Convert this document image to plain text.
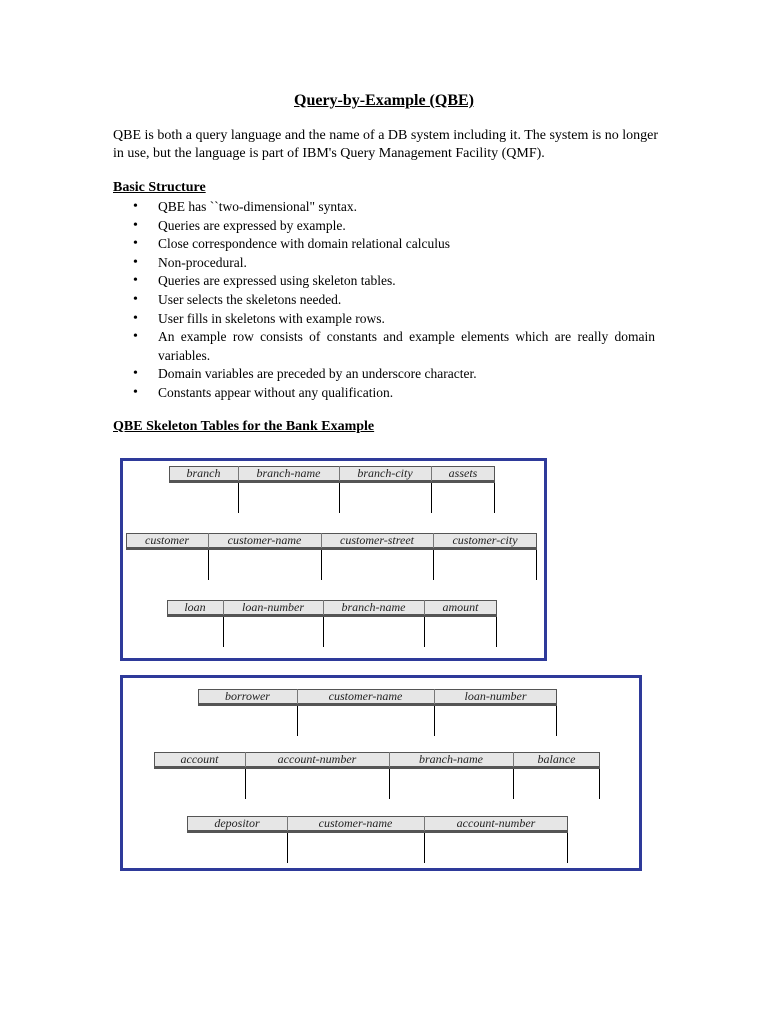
Query-by-Example (QBE)

QBE is both a query language and the name of a DB system including it. The system is no longer in use, but the language is part of IBM's Query Management Facility (QMF).

Basic Structure
• QBE has ``two-dimensional" syntax.
• Queries are expressed by example.
• Close correspondence with domain relational calculus
• Non-procedural.
• Queries are expressed using skeleton tables.
• User selects the skeletons needed.
• User fills in skeletons with example rows.
• An example row consists of constants and example elements which are really domain variables.
• Domain variables are preceded by an underscore character.
• Constants appear without any qualification.
QBE Skeleton Tables for the Bank Example
branch	branch-name	branch-city	assets
customer	customer-name	customer-street	customer-city
loan	loan-number	branch-name	amount
borrower	customer-name	loan-number
account	account-number	branch-name	balance
depositor	customer-name	account-number
